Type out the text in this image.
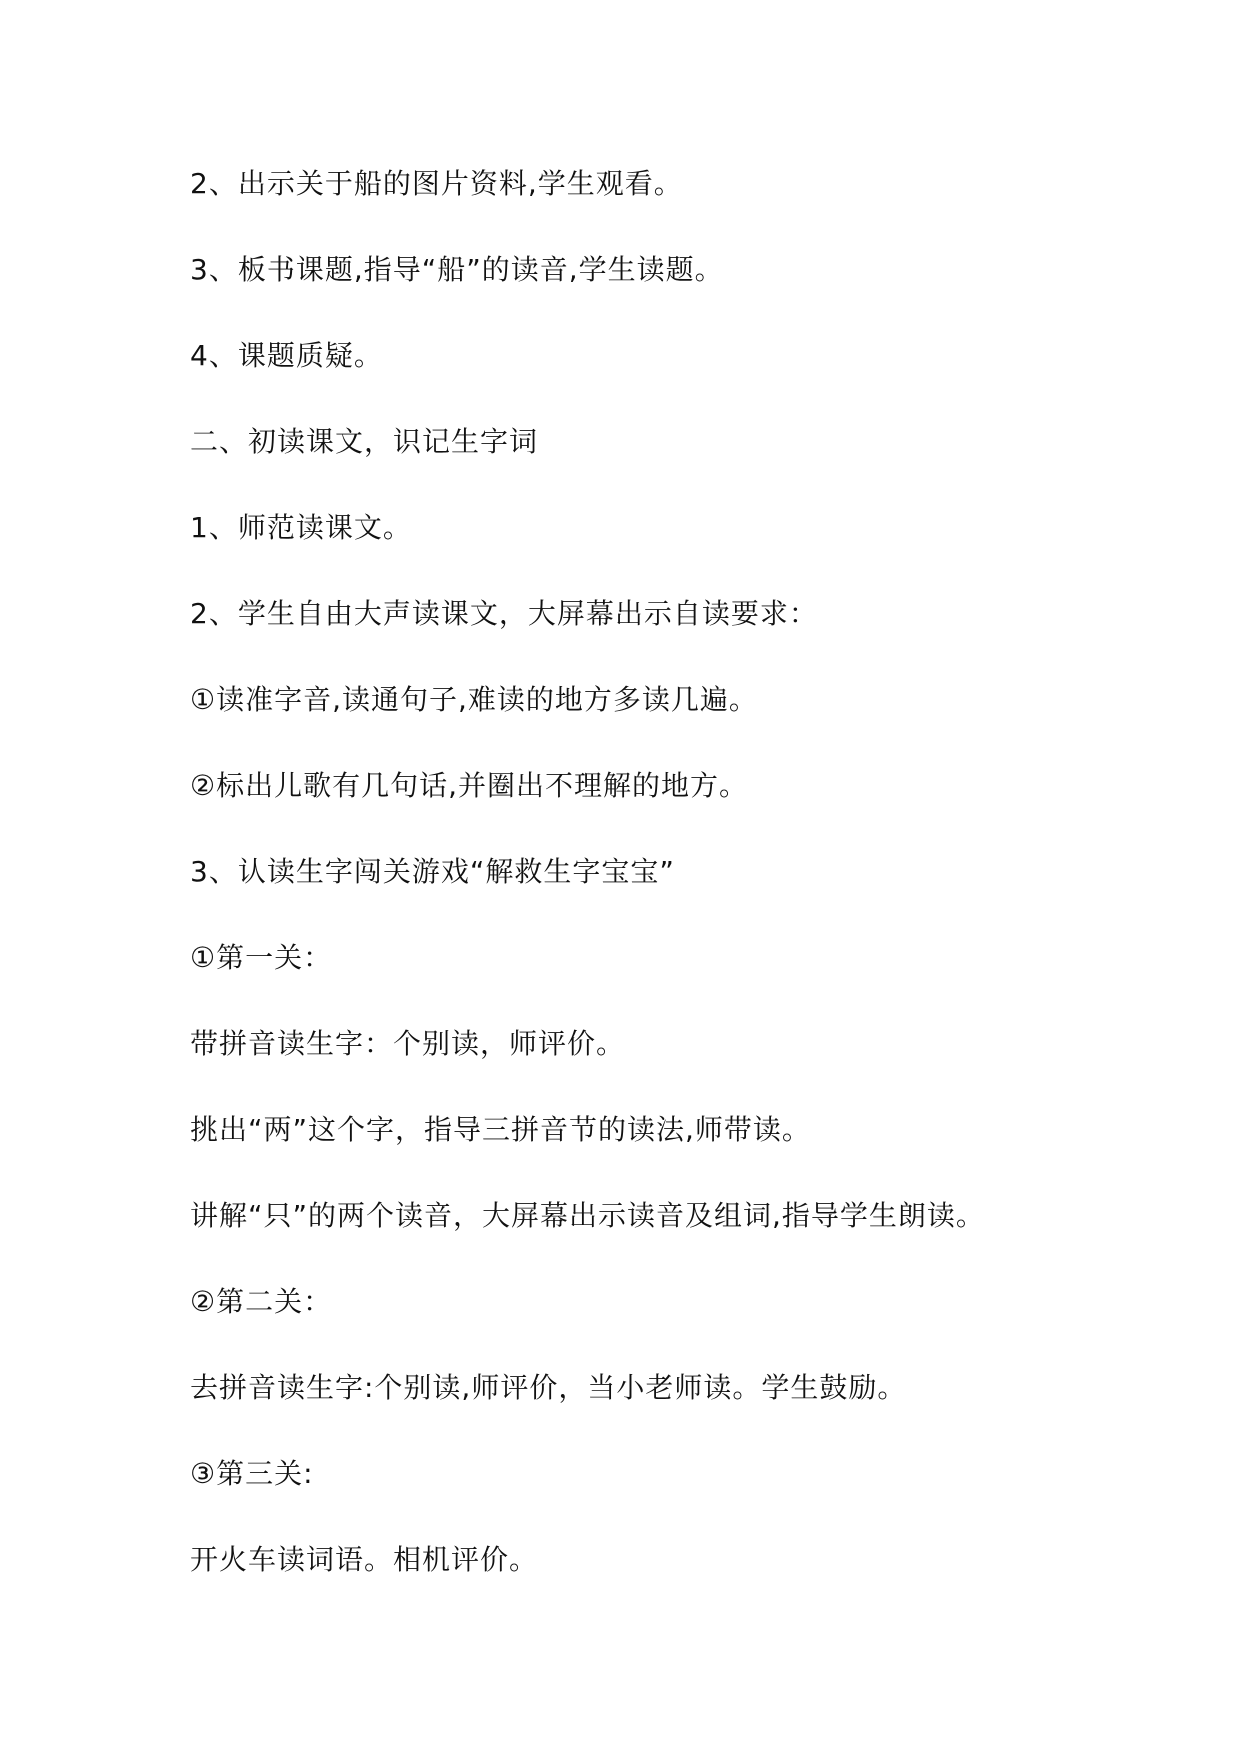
2、出示关于船的图片资料,学生观看。
3、板书课题,指导“船”的读音,学生读题。
4、课题质疑。
二、初读课文，识记生字词
1、师范读课文。
2、学生自由大声读课文，大屏幕出示自读要求：
①读准字音,读通句子,难读的地方多读几遍。
②标出儿歌有几句话,并圈出不理解的地方。
3、认读生字闯关游戏“解救生字宝宝”
①第一关：
带拼音读生字：个别读，师评价。
挑出“两”这个字，指导三拼音节的读法,师带读。
讲解“只”的两个读音，大屏幕出示读音及组词,指导学生朗读。
②第二关：
去拼音读生字:个别读,师评价，当小老师读。学生鼓励。
③第三关:
开火车读词语。相机评价。
